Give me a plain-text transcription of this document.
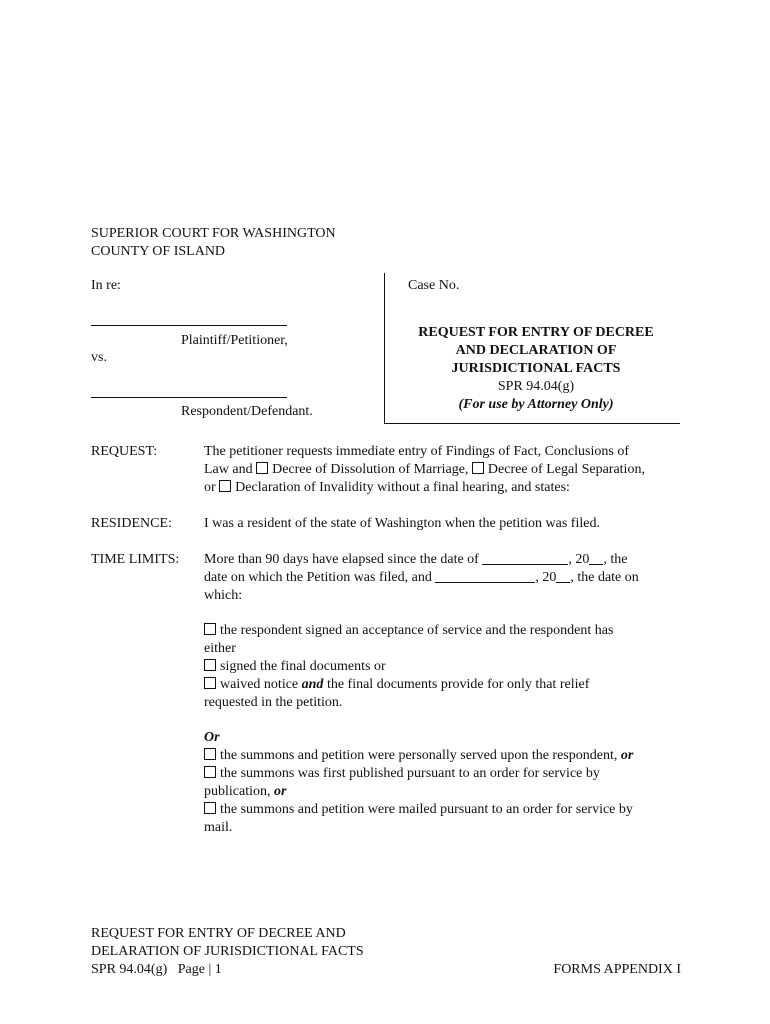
SUPERIOR COURT FOR WASHINGTON
COUNTY OF ISLAND
In re:
Plaintiff/Petitioner,
vs.
Respondent/Defendant.
Case No.
REQUEST FOR ENTRY OF DECREE
AND DECLARATION OF
JURISDICTIONAL FACTS
SPR 94.04(g)
(For use by Attorney Only)
REQUEST:	The petitioner requests immediate entry of Findings of Fact, Conclusions of
Law and Decree of Dissolution of Marriage, Decree of Legal Separation,
or Declaration of Invalidity without a final hearing, and states:
RESIDENCE: I was a resident of the state of Washington when the petition was filed.
TIME LIMITS: More than 90 days have elapsed since the date of	, 20 , the
date on which the Petition was filed, and	, 20 , the date on
which:
the respondent signed an acceptance of service and the respondent has
either
signed the final documents or
waived notice and the final documents provide for only that relief
requested in the petition.
Or
the summons and petition were personally served upon the respondent, or
the summons was first published pursuant to an order for service by
publication, or
the summons and petition were mailed pursuant to an order for service by
mail.
REQUEST FOR ENTRY OF DECREE AND
DELARATION OF JURISDICTIONAL FACTS
SPR 94.04(g) Page | 1	FORMS APPENDIX I
